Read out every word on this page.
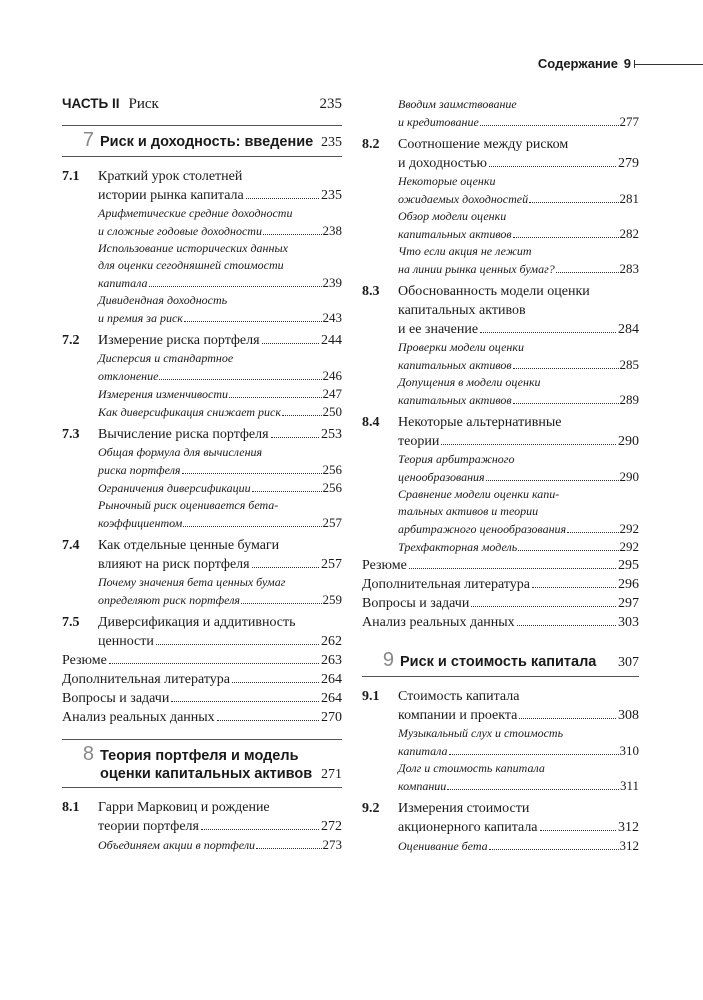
Содержание 9
ЧАСТЬ II Риск	235
7 Риск и доходность: введение 235
7.1	Краткий урок столетней
истории рынка капитала	235
Арифметические средние доходности
и сложные годовые доходности	238
Использование исторических данных
для оценки сегодняшней стоимости
капитала	239
Дивидендная доходность
и премия за риск	243
7.2	Измерение риска портфеля	244
Дисперсия и стандартное
отклонение	246
Измерения изменчивости	247
Как диверсификация снижает риск	250
7.3	Вычисление риска портфеля	253
Общая формула для вычисления
риска портфеля	256
Ограничения диверсификации	256
Рыночный риск оценивается бета-
коэффициентом	257
7.4	Как отдельные ценные бумаги
влияют на риск портфеля	257
Почему значения бета ценных бумаг
определяют риск портфеля	259
7.5	Диверсификация и аддитивность
ценности	262
Резюме	263
Дополнительная литература	264
Вопросы и задачи	264
Анализ реальных данных	270
8 Теория портфеля и модель
оценки капитальных активов 271
8.1	Гарри Марковиц и рождение
теории портфеля	272
Объединяем акции в портфели	273
Вводим заимствование
и кредитование	277
8.2	Соотношение между риском
и доходностью	279
Некоторые оценки
ожидаемых доходностей	281
Обзор модели оценки
капитальных активов	282
Что если акция не лежит
на линии рынка ценных бумаг?	283
8.3	Обоснованность модели оценки
капитальных активов
и ее значение	284
Проверки модели оценки
капитальных активов	285
Допущения в модели оценки
капитальных активов	289
8.4	Некоторые альтернативные
теории	290
Теория арбитражного
ценообразования	290
Сравнение модели оценки капи-
тальных активов и теории
арбитражного ценообразования	292
Трехфакторная модель	292
Резюме	295
Дополнительная литература	296
Вопросы и задачи	297
Анализ реальных данных	303
9 Риск и стоимость капитала	307
9.1	Стоимость капитала
компании и проекта	308
Музыкальный слух и стоимость
капитала	310
Долг и стоимость капитала
компании	311
9.2	Измерения стоимости
акционерного капитала	312
Оценивание бета	312
